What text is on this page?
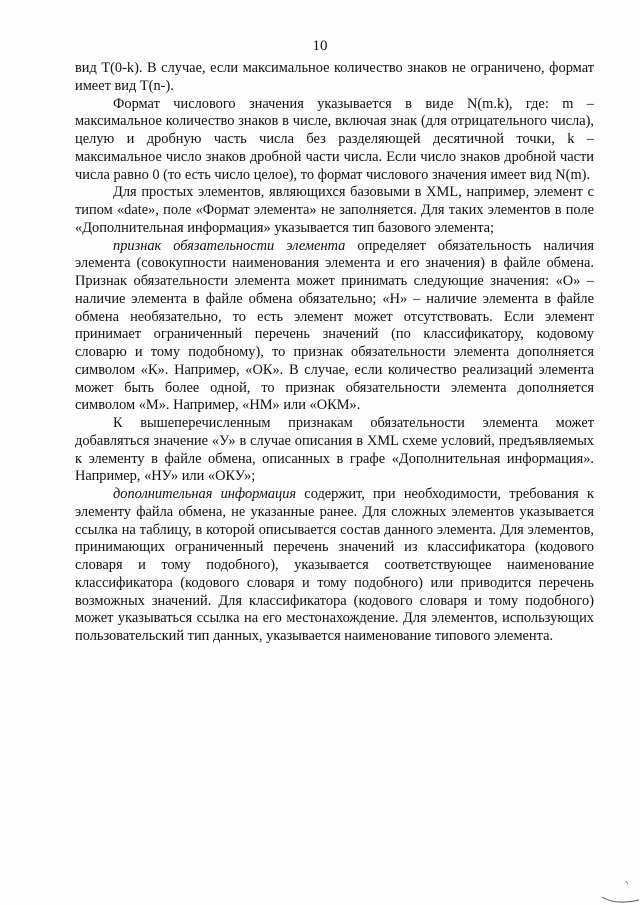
10

вид T(0-k). В случае, если максимальное количество знаков не ограничено, формат имеет вид T(n-).

Формат числового значения указывается в виде N(m.k), где: m – максимальное количество знаков в числе, включая знак (для отрицательного числа), целую и дробную часть числа без разделяющей десятичной точки, k – максимальное число знаков дробной части числа. Если число знаков дробной части числа равно 0 (то есть число целое), то формат числового значения имеет вид N(m).

Для простых элементов, являющихся базовыми в XML, например, элемент с типом «date», поле «Формат элемента» не заполняется. Для таких элементов в поле «Дополнительная информация» указывается тип базового элемента;

признак обязательности элемента определяет обязательность наличия элемента (совокупности наименования элемента и его значения) в файле обмена. Признак обязательности элемента может принимать следующие значения: «О» – наличие элемента в файле обмена обязательно; «Н» – наличие элемента в файле обмена необязательно, то есть элемент может отсутствовать. Если элемент принимает ограниченный перечень значений (по классификатору, кодовому словарю и тому подобному), то признак обязательности элемента дополняется символом «К». Например, «ОК». В случае, если количество реализаций элемента может быть более одной, то признак обязательности элемента дополняется символом «М». Например, «НМ» или «ОКМ».

К вышеперечисленным признакам обязательности элемента может добавляться значение «У» в случае описания в XML схеме условий, предъявляемых к элементу в файле обмена, описанных в графе «Дополнительная информация». Например, «НУ» или «ОКУ»;

дополнительная информация содержит, при необходимости, требования к элементу файла обмена, не указанные ранее. Для сложных элементов указывается ссылка на таблицу, в которой описывается состав данного элемента. Для элементов, принимающих ограниченный перечень значений из классификатора (кодового словаря и тому подобного), указывается соответствующее наименование классификатора (кодового словаря и тому подобного) или приводится перечень возможных значений. Для классификатора (кодового словаря и тому подобного) может указываться ссылка на его местонахождение. Для элементов, использующих пользовательский тип данных, указывается наименование типового элемента.
